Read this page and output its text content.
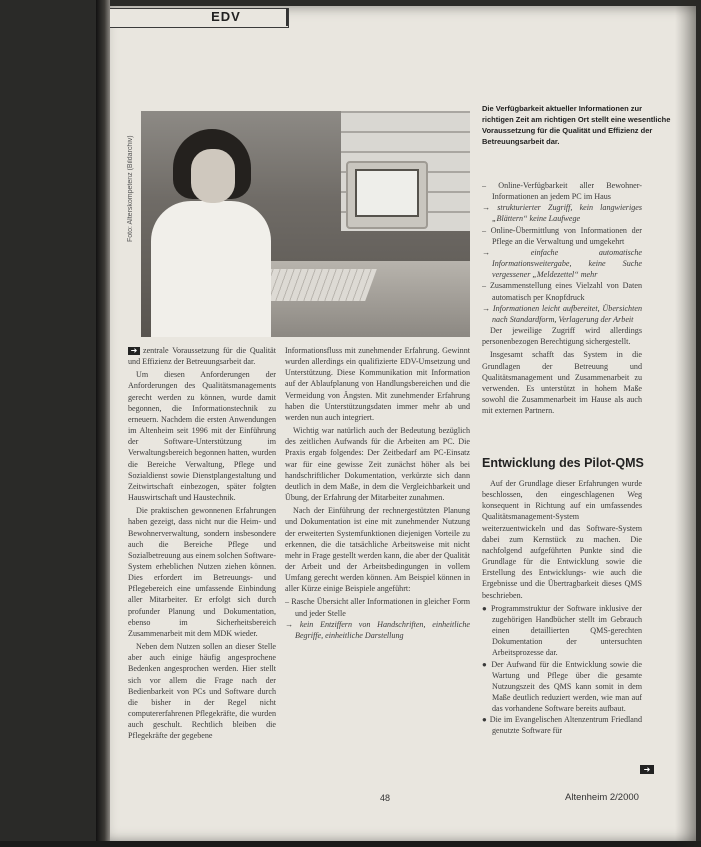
EDV
Foto: Alterskompetenz (Bildarchiv)
Die Verfügbarkeit aktueller Informationen zur richtigen Zeit am richtigen Ort stellt eine wesentliche Voraussetzung für die Qualität und Effizienz der Betreuungsarbeit dar.

➜ zentrale Voraussetzung für die Qualität und Effizienz der Betreuungsarbeit dar.

Um diesen Anforderungen der Anforderungen des Qualitätsmanagements gerecht werden zu können, wurde damit begonnen, die Informationstechnik zu erneuern. Nachdem die ersten Anwendungen im Altenheim seit 1996 mit der Einführung der Software-Unterstützung im Verwaltungsbereich begonnen hatten, wurden die Bereiche Verwaltung, Pflege und Sozialdienst sowie Dienstplangestaltung und Zeitwirtschaft einbezogen, später folgten Hauswirtschaft und Haustechnik.

Die praktischen gewonnenen Erfahrungen haben gezeigt, dass nicht nur die Heim- und Bewohnerverwaltung, sondern insbesondere auch die Bereiche Pflege und Sozialbetreuung aus einem solchen Software-System erheblichen Nutzen ziehen können. Dies erfordert im Betreuungs- und Pflegebereich eine umfassende Einbindung aller Mitarbeiter. Er erfolgt sich durch profunder Planung und Dokumentation, ebenso im Sicherheitsbereich Zusammenarbeit mit dem MDK wieder.

Neben dem Nutzen sollen an dieser Stelle aber auch einige häufig angesprochene Bedenken angesprochen werden. Hier stellt sich vor allem die Frage nach der Bedienbarkeit von PCs und Software durch die bisher in der Regel nicht computererfahrenen Pflegekräfte, die wurden auch geschult. Rechtlich bleiben die Pflegekräfte der gegebene

Informationsfluss mit zunehmender Erfahrung. Gewinnt wurden allerdings ein qualifizierte EDV-Umsetzung und Unterstützung. Diese Kommunikation mit Information auf der Ablaufplanung von Handlungsbereichen und die Vermeidung von Ängsten. Mit zunehmender Erfahrung haben die Unterstützungsdaten immer mehr ab und werden nun auch integriert.

Wichtig war natürlich auch der Bedeutung bezüglich des zeitlichen Aufwands für die Arbeiten am PC. Die Praxis ergab folgendes: Der Zeitbedarf am PC-Einsatz war für eine gewisse Zeit zunächst höher als bei handschriftlicher Dokumentation, verkürzte sich dann deutlich in dem Maße, in dem die Vergleichbarkeit und Übung, der Erfahrung der Mitarbeiter zunahmen.

Nach der Einführung der rechnergestützten Planung und Dokumentation ist eine mit zunehmender Nutzung der erweiterten Systemfunktionen diejenigen Vorteile zu erkennen, die die tatsächliche Arbeitsweise mit nicht mehr in Frage gestellt werden kann, die aber der Qualität der Arbeit und der Arbeitsbedingungen in vollem Umfang gerecht werden können. Am Beispiel können in aller Kürze einige Beispiele angeführt:

– Rasche Übersicht aller Informationen in gleicher Form und jeder Stelle
→ kein Entziffern von Handschriften, einheitliche Begriffe, einheitliche Darstellung
– Online-Verfügbarkeit aller Bewohner-Informationen an jedem PC im Haus
→ strukturierter Zugriff, kein langwieriges „Blättern“ keine Laufwege
– Online-Übermittlung von Informationen der Pflege an die Verwaltung und umgekehrt
→ einfache automatische Informationsweitergabe, keine Suche vergessener „Meldezettel“ mehr
– Zusammenstellung eines Vielzahl von Daten automatisch per Knopfdruck
→ Informationen leicht aufbereitet, Übersichten nach Standardform, Verlagerung der Arbeit

Der jeweilige Zugriff wird allerdings personenbezogen Berechtigung sichergestellt.

Insgesamt schafft das System in die Grundlagen der Betreuung und Qualitätsmanagement und Zusammenarbeit zu verwenden. Es unterstützt in hohem Maße sowohl die Zusammenarbeit im Hause als auch mit externen Partnern.

Entwicklung des Pilot-QMS

Auf der Grundlage dieser Erfahrungen wurde beschlossen, den eingeschlagenen Weg konsequent in Richtung auf ein umfassendes Qualitätsmanagement-System weiterzuentwickeln und das Software-System dabei zum Kernstück zu machen. Die nachfolgend aufgeführten Punkte sind die Grundlage für die Entwicklung sowie die Erstellung des Entwicklungs- wie auch die Ergebnisse und die Übertragbarkeit dieses QMS beschrieben.

● Programmstruktur der Software inklusive der zugehörigen Handbücher stellt im Gebrauch einen detaillierten QMS-gerechten Dokumentation der untersuchten Arbeitsprozesse dar.
● Der Aufwand für die Entwicklung sowie die Wartung und Pflege über die gesamte Nutzungszeit des QMS kann somit in dem Maße deutlich reduziert werden, wie man auf das vorhandene Software bereits aufbaut.
● Die im Evangelischen Altenzentrum Friedland genutzte Software für
➜
48	Altenheim 2/2000
